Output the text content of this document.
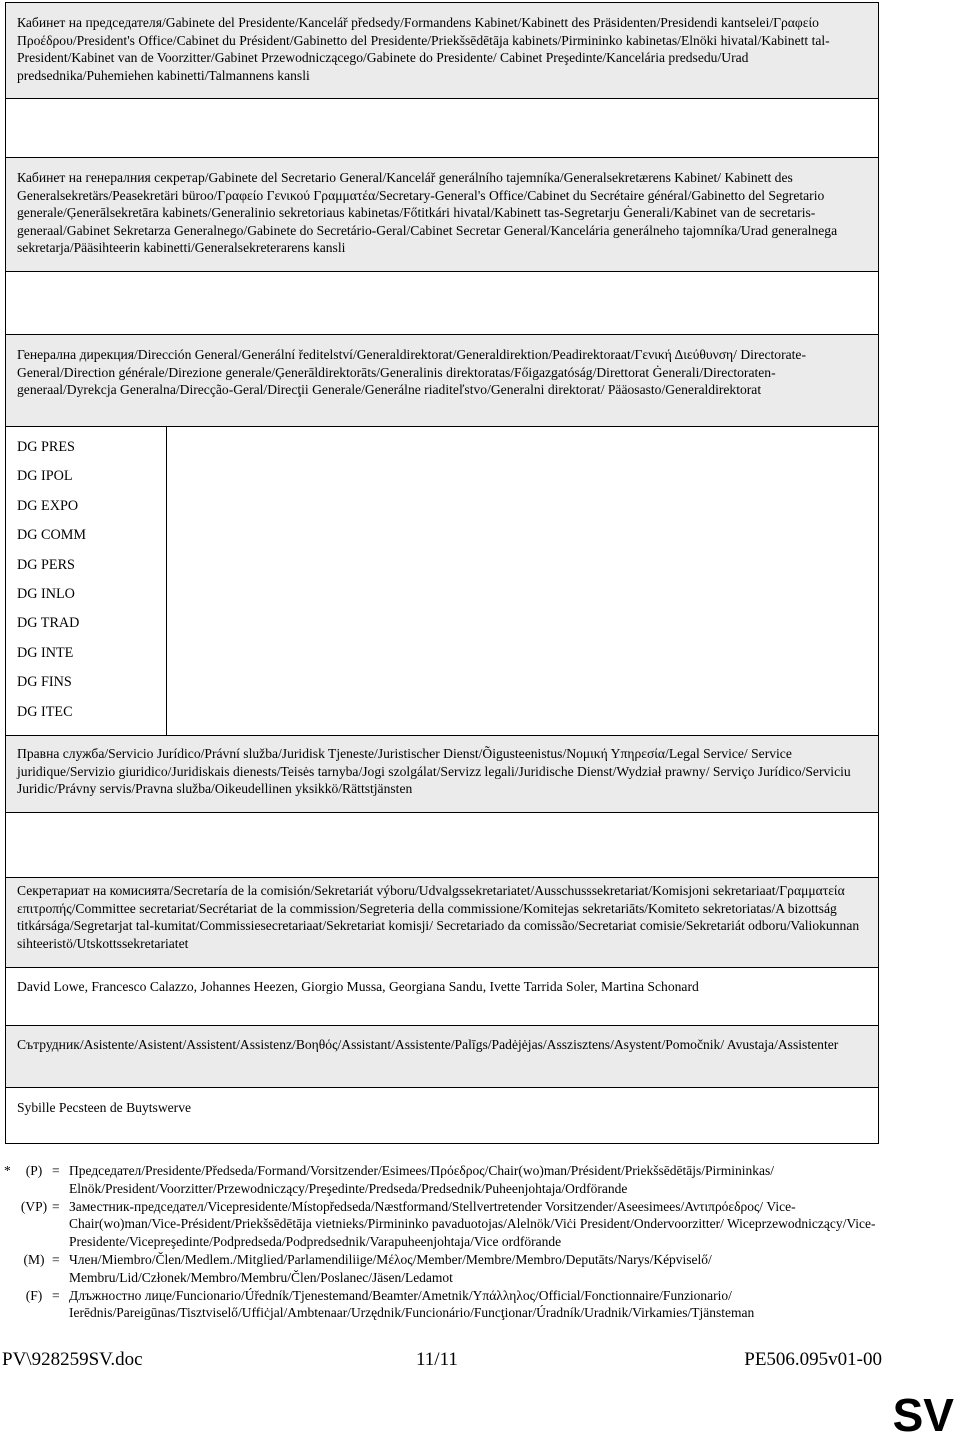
Кабинет на председателя/Gabinete del Presidente/Kancelář předsedy/Formandens Kabinet/Kabinett des Präsidenten/Presidendi kantselei/Γραφείο Προέδρου/President's Office/Cabinet du Président/Gabinetto del Presidente/Priekšsēdētāja kabinets/Pirmininko kabinetas/Elnöki hivatal/Kabinett tal-President/Kabinet van de Voorzitter/Gabinet Przewodniczącego/Gabinete do Presidente/ Cabinet Preşedinte/Kancelária predsedu/Urad predsednika/Puhemiehen kabinetti/Talmannens kansli
Кабинет на генералния секретар/Gabinete del Secretario General/Kancelář generálního tajemníka/Generalsekretærens Kabinet/ Kabinett des Generalsekretärs/Peasekretäri büroo/Γραφείο Γενικού Γραμματέα/Secretary-General's Office/Cabinet du Secrétaire général/Gabinetto del Segretario generale/Ģenerālsekretāra kabinets/Generalinio sekretoriaus kabinetas/Főtitkári hivatal/Kabinett tas-Segretarju Ġenerali/Kabinet van de secretaris-generaal/Gabinet Sekretarza Generalnego/Gabinete do Secretário-Geral/Cabinet Secretar General/Kancelária generálneho tajomníka/Urad generalnega sekretarja/Pääsihteerin kabinetti/Generalsekreterarens kansli
Генерална дирекция/Dirección General/Generální ředitelství/Generaldirektorat/Generaldirektion/Peadirektoraat/Γενική Διεύθυνση/ Directorate-General/Direction générale/Direzione generale/Ģenerāldirektorāts/Generalinis direktoratas/Főigazgatóság/Direttorat Ġenerali/Directoraten-generaal/Dyrekcja Generalna/Direcção-Geral/Direcţii Generale/Generálne riaditeľstvo/Generalni direktorat/ Pääosasto/Generaldirektorat
DG PRES
DG IPOL
DG EXPO
DG COMM
DG PERS
DG INLO
DG TRAD
DG INTE
DG FINS
DG ITEC
Правна служба/Servicio Jurídico/Právní služba/Juridisk Tjeneste/Juristischer Dienst/Õigusteenistus/Νομική Υπηρεσία/Legal Service/ Service juridique/Servizio giuridico/Juridiskais dienests/Teisės tarnyba/Jogi szolgálat/Servizz legali/Juridische Dienst/Wydział prawny/ Serviço Jurídico/Serviciu Juridic/Právny servis/Pravna služba/Oikeudellinen yksikkö/Rättstjänsten
Секретариат на комисията/Secretaría de la comisión/Sekretariát výboru/Udvalgssekretariatet/Ausschusssekretariat/Komisjoni sekretariaat/Γραμματεία επιτροπής/Committee secretariat/Secrétariat de la commission/Segreteria della commissione/Komitejas sekretariāts/Komiteto sekretoriatas/A bizottság titkársága/Segretarjat tal-kumitat/Commissiesecretariaat/Sekretariat komisji/ Secretariado da comissão/Secretariat comisie/Sekretariát odboru/Valiokunnan sihteeristö/Utskottssekretariatet
David Lowe, Francesco Calazzo, Johannes Heezen, Giorgio Mussa, Georgiana Sandu, Ivette Tarrida Soler, Martina Schonard
Сътрудник/Asistente/Asistent/Assistent/Assistenz/Βοηθός/Assistant/Assistente/Palīgs/Padėjėjas/Asszisztens/Asystent/Pomočnik/ Avustaja/Assistenter
Sybille Pecsteen de Buytswerve
*	(P) = Председател/Presidente/Předseda/Formand/Vorsitzender/Esimees/Πρόεδρος/Chair(wo)man/Président/Priekšsēdētājs/Pirmininkas/ Elnök/President/Voorzitter/Przewodniczący/Preşedinte/Predseda/Predsednik/Puheenjohtaja/Ordförande
(VP) = Заместник-председател/Vicepresidente/Místopředseda/Næstformand/Stellvertretender Vorsitzender/Aseesimees/Αντιπρόεδρος/ Vice-Chair(wo)man/Vice-Président/Priekšsēdētāja vietnieks/Pirmininko pavaduotojas/Alelnök/Viċi President/Ondervoorzitter/ Wiceprzewodniczący/Vice-Presidente/Vicepreşedinte/Podpredseda/Podpredsednik/Varapuheenjohtaja/Vice ordförande
(M) = Член/Miembro/Člen/Medlem./Mitglied/Parlamendiliige/Μέλος/Member/Membre/Membro/Deputāts/Narys/Képviselő/ Membru/Lid/Członek/Membro/Membru/Člen/Poslanec/Jäsen/Ledamot
(F) = Длъжностно лице/Funcionario/Úředník/Tjenestemand/Beamter/Ametnik/Υπάλληλος/Official/Fonctionnaire/Funzionario/ Ierēdnis/Pareigūnas/Tisztviselő/Uffiċjal/Ambtenaar/Urzędnik/Funcionário/Funcţionar/Úradník/Uradnik/Virkamies/Tjänsteman
PV\928259SV.doc	11/11	PE506.095v01-00
SV
